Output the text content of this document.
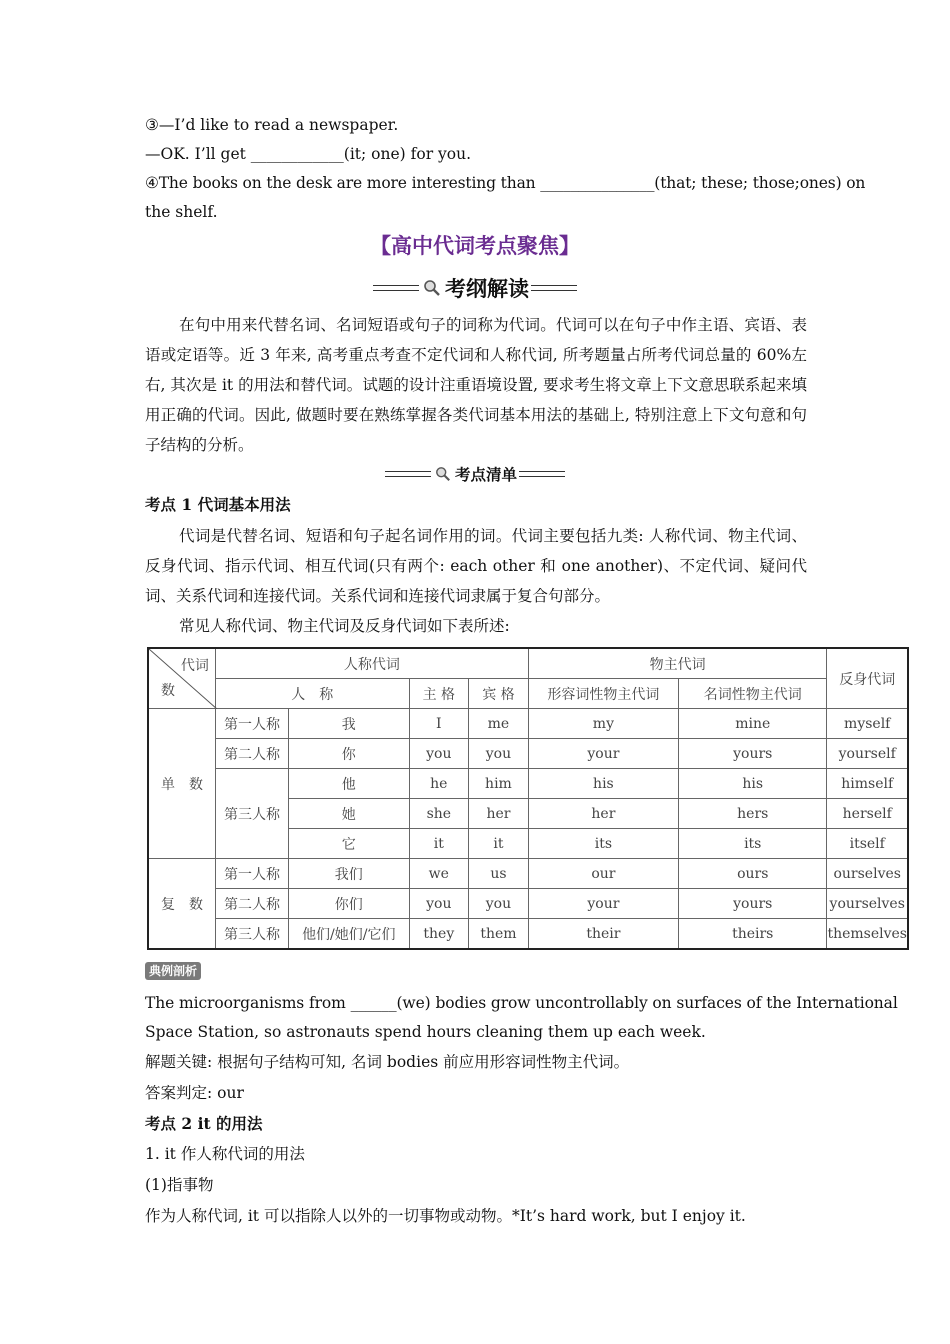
③—I’d like to read a newspaper.
—OK. I’ll get ____________(it; one) for you.
④The books on the desk are more interesting than _______________(that; these; those;ones) on
the shelf.
【高中代词考点聚焦】
考纲解读
在句中用来代替名词、名词短语或句子的词称为代词。代词可以在句子中作主语、宾语、表语或定语等。近 3 年来, 高考重点考查不定代词和人称代词, 所考题量占所考代词总量的 60%左右, 其次是 it 的用法和替代词。试题的设计注重语境设置, 要求考生将文章上下文意思联系起来填用正确的代词。因此, 做题时要在熟练掌握各类代词基本用法的基础上, 特别注意上下文句意和句子结构的分析。
考点清单
考点 1 代词基本用法
代词是代替名词、短语和句子起名词作用的词。代词主要包括九类: 人称代词、物主代词、反身代词、指示代词、相互代词(只有两个: each other 和 one another)、不定代词、疑问代词、关系代词和连接代词。关系代词和连接代词隶属于复合句部分。
常见人称代词、物主代词及反身代词如下表所述:
代词
数	人称代词				物主代词		反身代词
	人　称		主 格	宾 格	形容词性物主代词	名词性物主代词	
单　数	第一人称	我	I	me	my	mine	myself
	第二人称	你	you	you	your	yours	yourself
	第三人称	他	he	him	his	his	himself
		她	she	her	her	hers	herself
		它	it	it	its	its	itself
复　数	第一人称	我们	we	us	our	ours	ourselves
	第二人称	你们	you	you	your	yours	yourselves
	第三人称	他们/她们/它们	they	them	their	theirs	themselves
典例剖析
The microorganisms from ______(we) bodies grow uncontrollably on surfaces of the International
Space Station, so astronauts spend hours cleaning them up each week.
解题关键: 根据句子结构可知, 名词 bodies 前应用形容词性物主代词。
答案判定: our
考点 2 it 的用法
1. it 作人称代词的用法
(1)指事物
作为人称代词, it 可以指除人以外的一切事物或动物。*It’s hard work, but I enjoy it.
